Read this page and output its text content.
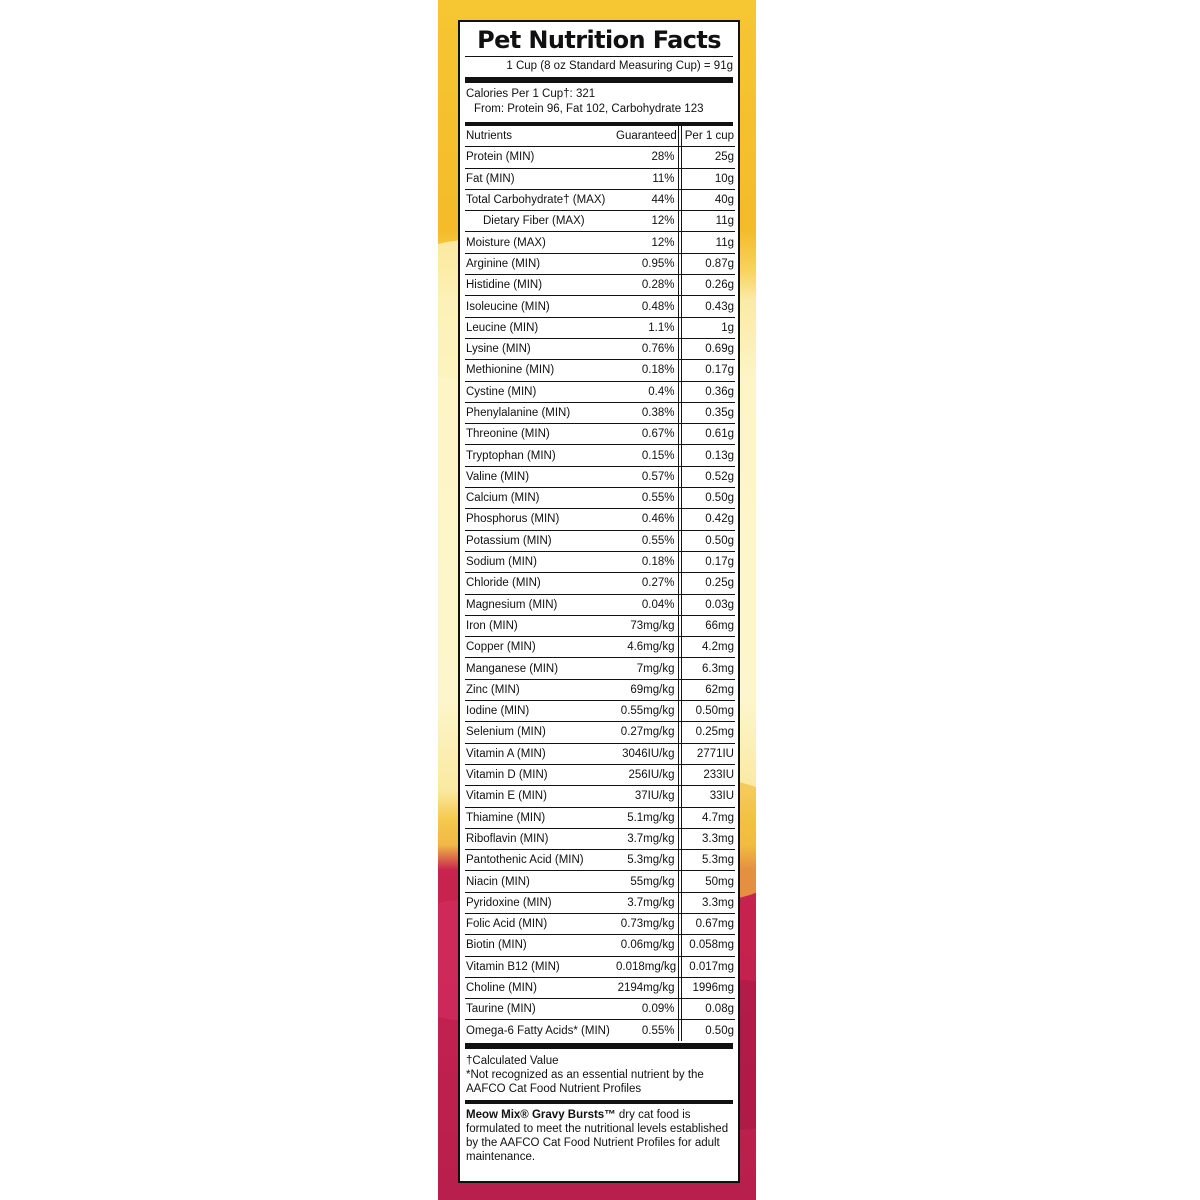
Pet Nutrition Facts
1 Cup (8 oz Standard Measuring Cup) = 91g
Calories Per 1 Cup†: 321
From: Protein 96, Fat 102, Carbohydrate 123
Nutrients	Guaranteed	Per 1 cup
Protein (MIN)	28%	25g
Fat (MIN)	11%	10g
Total Carbohydrate† (MAX)	44%	40g
Dietary Fiber (MAX)	12%	11g
Moisture (MAX)	12%	11g
Arginine (MIN)	0.95%	0.87g
Histidine (MIN)	0.28%	0.26g
Isoleucine (MIN)	0.48%	0.43g
Leucine (MIN)	1.1%	1g
Lysine (MIN)	0.76%	0.69g
Methionine (MIN)	0.18%	0.17g
Cystine (MIN)	0.4%	0.36g
Phenylalanine (MIN)	0.38%	0.35g
Threonine (MIN)	0.67%	0.61g
Tryptophan (MIN)	0.15%	0.13g
Valine (MIN)	0.57%	0.52g
Calcium (MIN)	0.55%	0.50g
Phosphorus (MIN)	0.46%	0.42g
Potassium (MIN)	0.55%	0.50g
Sodium (MIN)	0.18%	0.17g
Chloride (MIN)	0.27%	0.25g
Magnesium (MIN)	0.04%	0.03g
Iron (MIN)	73mg/kg	66mg
Copper (MIN)	4.6mg/kg	4.2mg
Manganese (MIN)	7mg/kg	6.3mg
Zinc (MIN)	69mg/kg	62mg
Iodine (MIN)	0.55mg/kg	0.50mg
Selenium (MIN)	0.27mg/kg	0.25mg
Vitamin A (MIN)	3046IU/kg	2771IU
Vitamin D (MIN)	256IU/kg	233IU
Vitamin E (MIN)	37IU/kg	33IU
Thiamine (MIN)	5.1mg/kg	4.7mg
Riboflavin (MIN)	3.7mg/kg	3.3mg
Pantothenic Acid (MIN)	5.3mg/kg	5.3mg
Niacin (MIN)	55mg/kg	50mg
Pyridoxine (MIN)	3.7mg/kg	3.3mg
Folic Acid (MIN)	0.73mg/kg	0.67mg
Biotin (MIN)	0.06mg/kg	0.058mg
Vitamin B12 (MIN)	0.018mg/kg	0.017mg
Choline (MIN)	2194mg/kg	1996mg
Taurine (MIN)	0.09%	0.08g
Omega-6 Fatty Acids* (MIN)	0.55%	0.50g
†Calculated Value
*Not recognized as an essential nutrient by the AAFCO Cat Food Nutrient Profiles
Meow Mix® Gravy Bursts™ dry cat food is formulated to meet the nutritional levels established by the AAFCO Cat Food Nutrient Profiles for adult maintenance.
